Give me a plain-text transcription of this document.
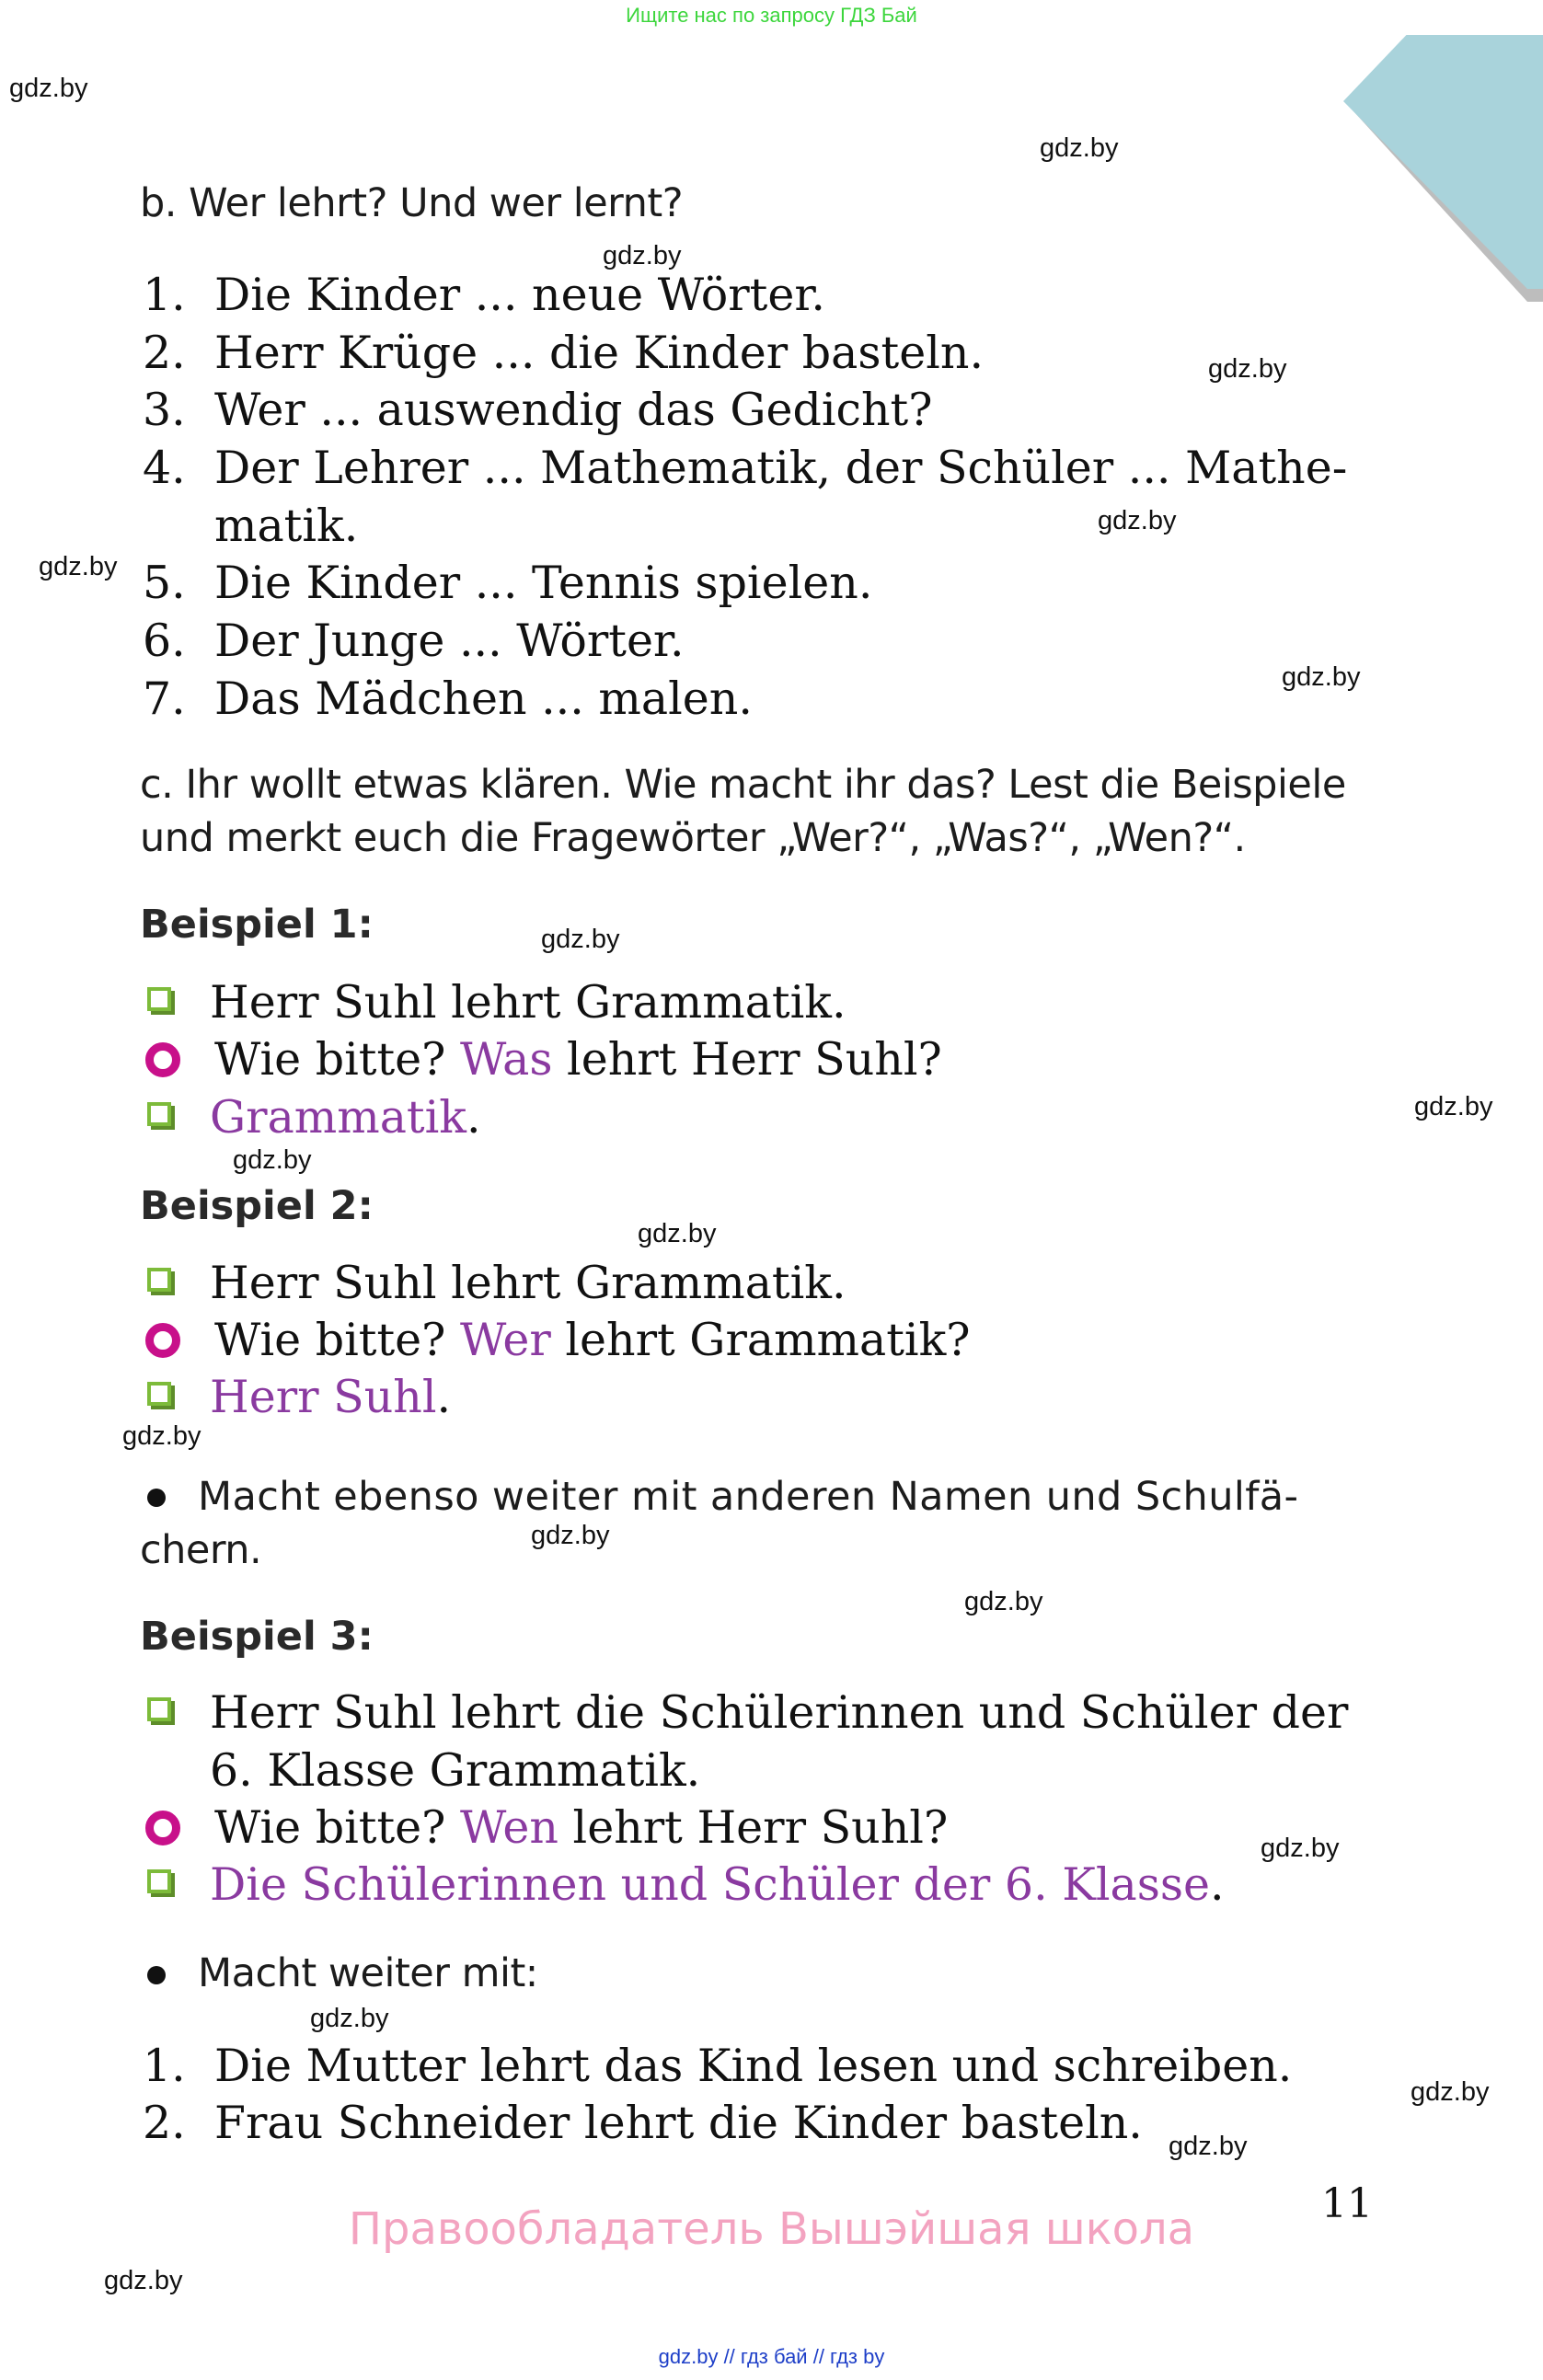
Ищите нас по запросу ГДЗ Бай
gdz.by
gdz.by
gdz.by
gdz.by
gdz.by
gdz.by
gdz.by
gdz.by
gdz.by
gdz.by
gdz.by
gdz.by
gdz.by
gdz.by
gdz.by
gdz.by
gdz.by
gdz.by
gdz.by
b. Wer lehrt? Und wer lernt?
1. Die Kinder ... neue Wörter.
2. Herr Krüge ... die Kinder basteln.
3. Wer ... auswendig das Gedicht?
4. Der Lehrer ... Mathematik, der Schüler ... Mathe-
matik.
5. Die Kinder ... Tennis spielen.
6. Der Junge ... Wörter.
7. Das Mädchen ... malen.
c. Ihr wollt etwas klären. Wie macht ihr das? Lest die Beispiele
und merkt euch die Fragewörter „Wer?“, „Was?“, „Wen?“.
Beispiel 1:
Herr Suhl lehrt Grammatik.
Wie bitte? Was lehrt Herr Suhl?
Grammatik.
Beispiel 2:
Herr Suhl lehrt Grammatik.
Wie bitte? Wer lehrt Grammatik?
Herr Suhl.
Macht ebenso weiter mit anderen Namen und Schulfä-
chern.
Beispiel 3:
Herr Suhl lehrt die Schülerinnen und Schüler der
6. Klasse Grammatik.
Wie bitte? Wen lehrt Herr Suhl?
Die Schülerinnen und Schüler der 6. Klasse.
Macht weiter mit:
1. Die Mutter lehrt das Kind lesen und schreiben.
2. Frau Schneider lehrt die Kinder basteln.
11
Правообладатель Вышэйшая школа
gdz.by // гдз бай // гдз by
